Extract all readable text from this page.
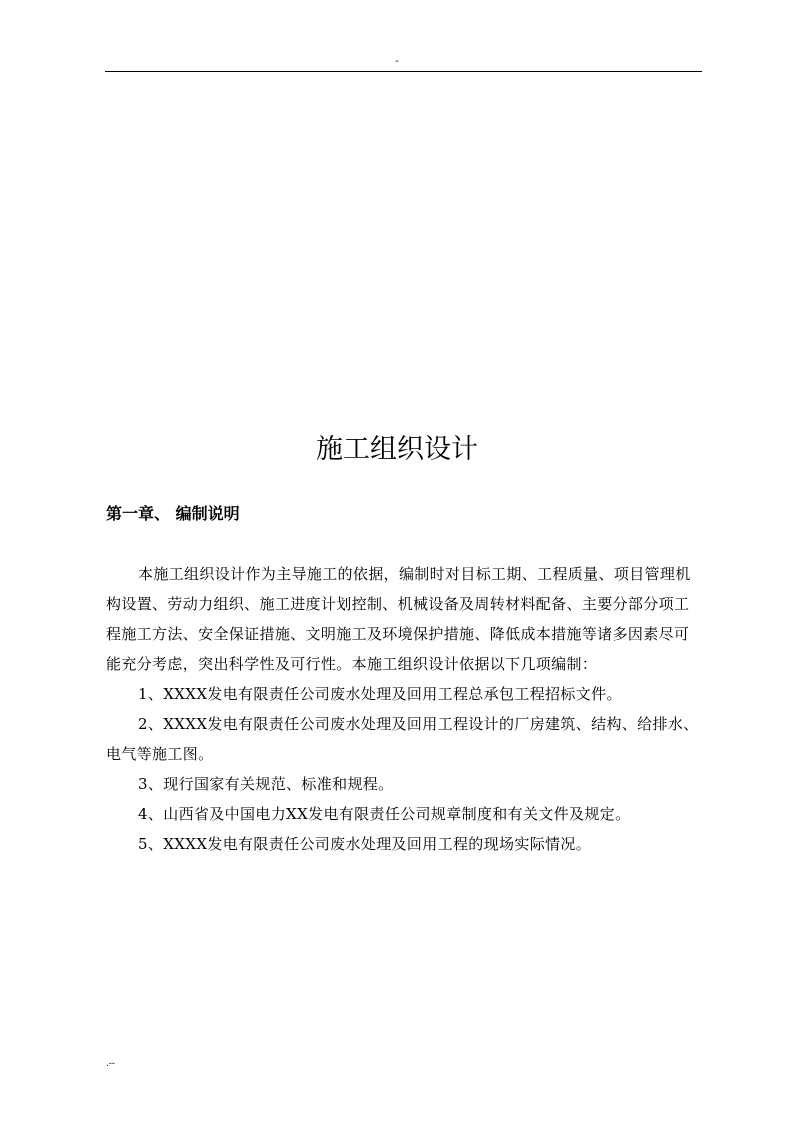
-
施工组织设计
第一章、 编制说明

本施工组织设计作为主导施工的依据，编制时对目标工期、工程质量、项目管理机构设置、劳动力组织、施工进度计划控制、机械设备及周转材料配备、主要分部分项工程施工方法、安全保证措施、文明施工及环境保护措施、降低成本措施等诸多因素尽可能充分考虑，突出科学性及可行性。本施工组织设计依据以下几项编制：

1、XXXX发电有限责任公司废水处理及回用工程总承包工程招标文件。

2、XXXX发电有限责任公司废水处理及回用工程设计的厂房建筑、结构、给排水、电气等施工图。

3、现行国家有关规范、标准和规程。

4、山西省及中国电力XX发电有限责任公司规章制度和有关文件及规定。

5、XXXX发电有限责任公司废水处理及回用工程的现场实际情况。

.--
